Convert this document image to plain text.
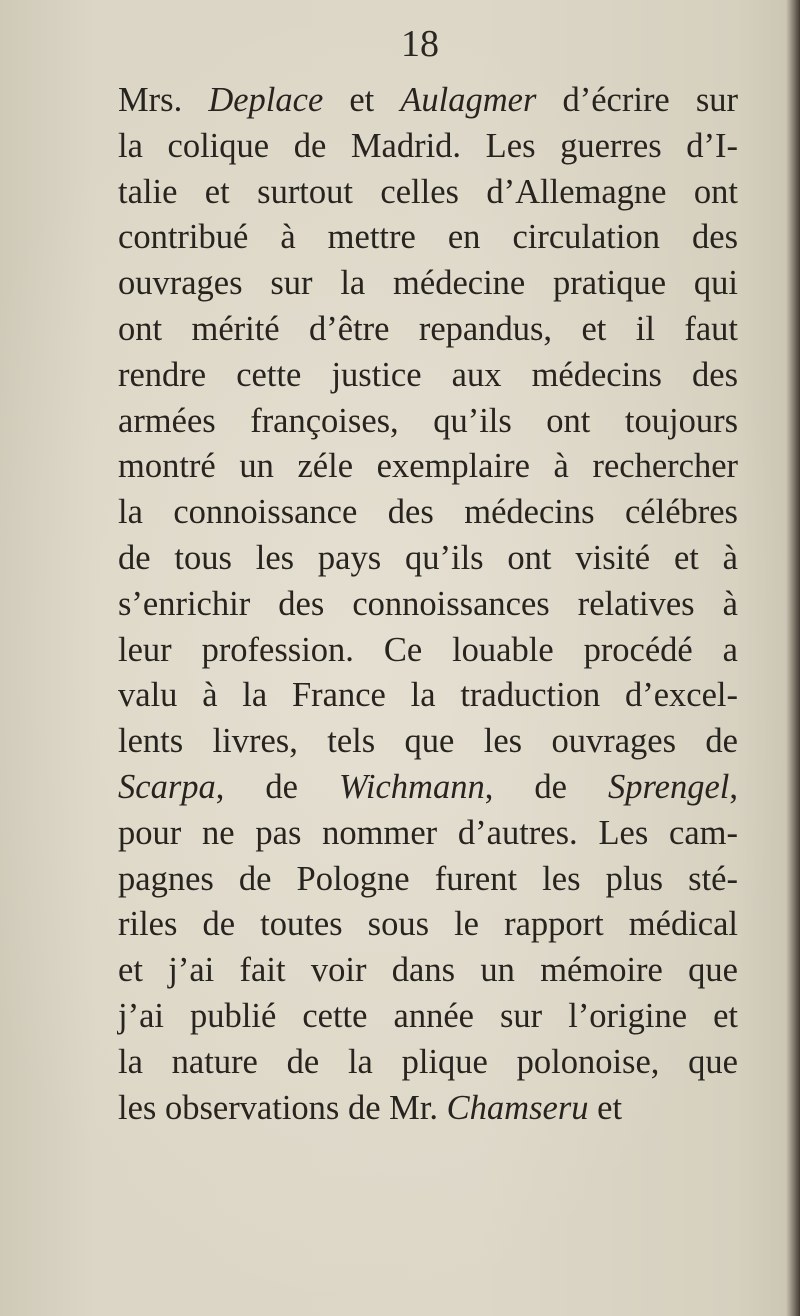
18
Mrs. Deplace et Aulagmer d’écrire sur
la colique de Madrid. Les guerres d’I-
talie et surtout celles d’Allemagne ont
contribué à mettre en circulation des
ouvrages sur la médecine pratique qui
ont mérité d’être repandus, et il faut
rendre cette justice aux médecins des
armées françoises, qu’ils ont toujours
montré un zéle exemplaire à rechercher
la connoissance des médecins célébres
de tous les pays qu’ils ont visité et à
s’enrichir des connoissances relatives à
leur profession. Ce louable procédé a
valu à la France la traduction d’excel-
lents livres, tels que les ouvrages de
Scarpa, de Wichmann, de Sprengel,
pour ne pas nommer d’autres. Les cam-
pagnes de Pologne furent les plus sté-
riles de toutes sous le rapport médical
et j’ai fait voir dans un mémoire que
j’ai publié cette année sur l’origine et
la nature de la plique polonoise, que
les observations de Mr. Chamseru et
